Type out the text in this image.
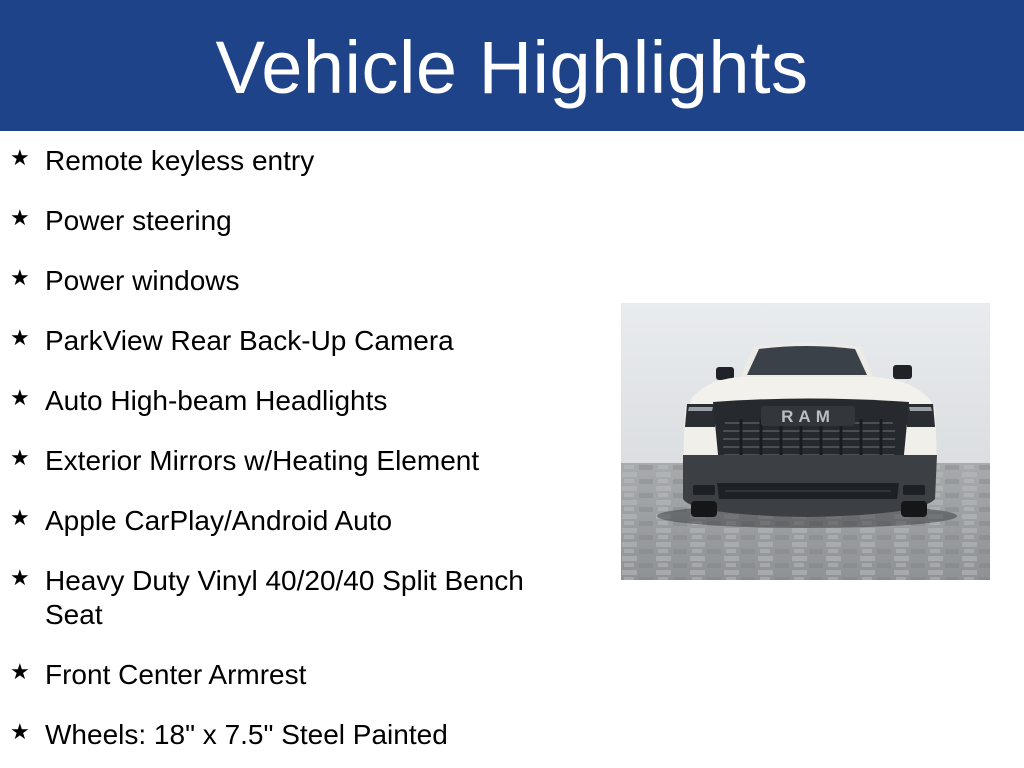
Vehicle Highlights
★ Remote keyless entry
★ Power steering
★ Power windows
★ ParkView Rear Back-Up Camera
★ Auto High-beam Headlights
★ Exterior Mirrors w/Heating Element
★ Apple CarPlay/Android Auto
★ Heavy Duty Vinyl 40/20/40 Split Bench Seat
★ Front Center Armrest
★ Wheels: 18" x 7.5" Steel Painted
RAM
